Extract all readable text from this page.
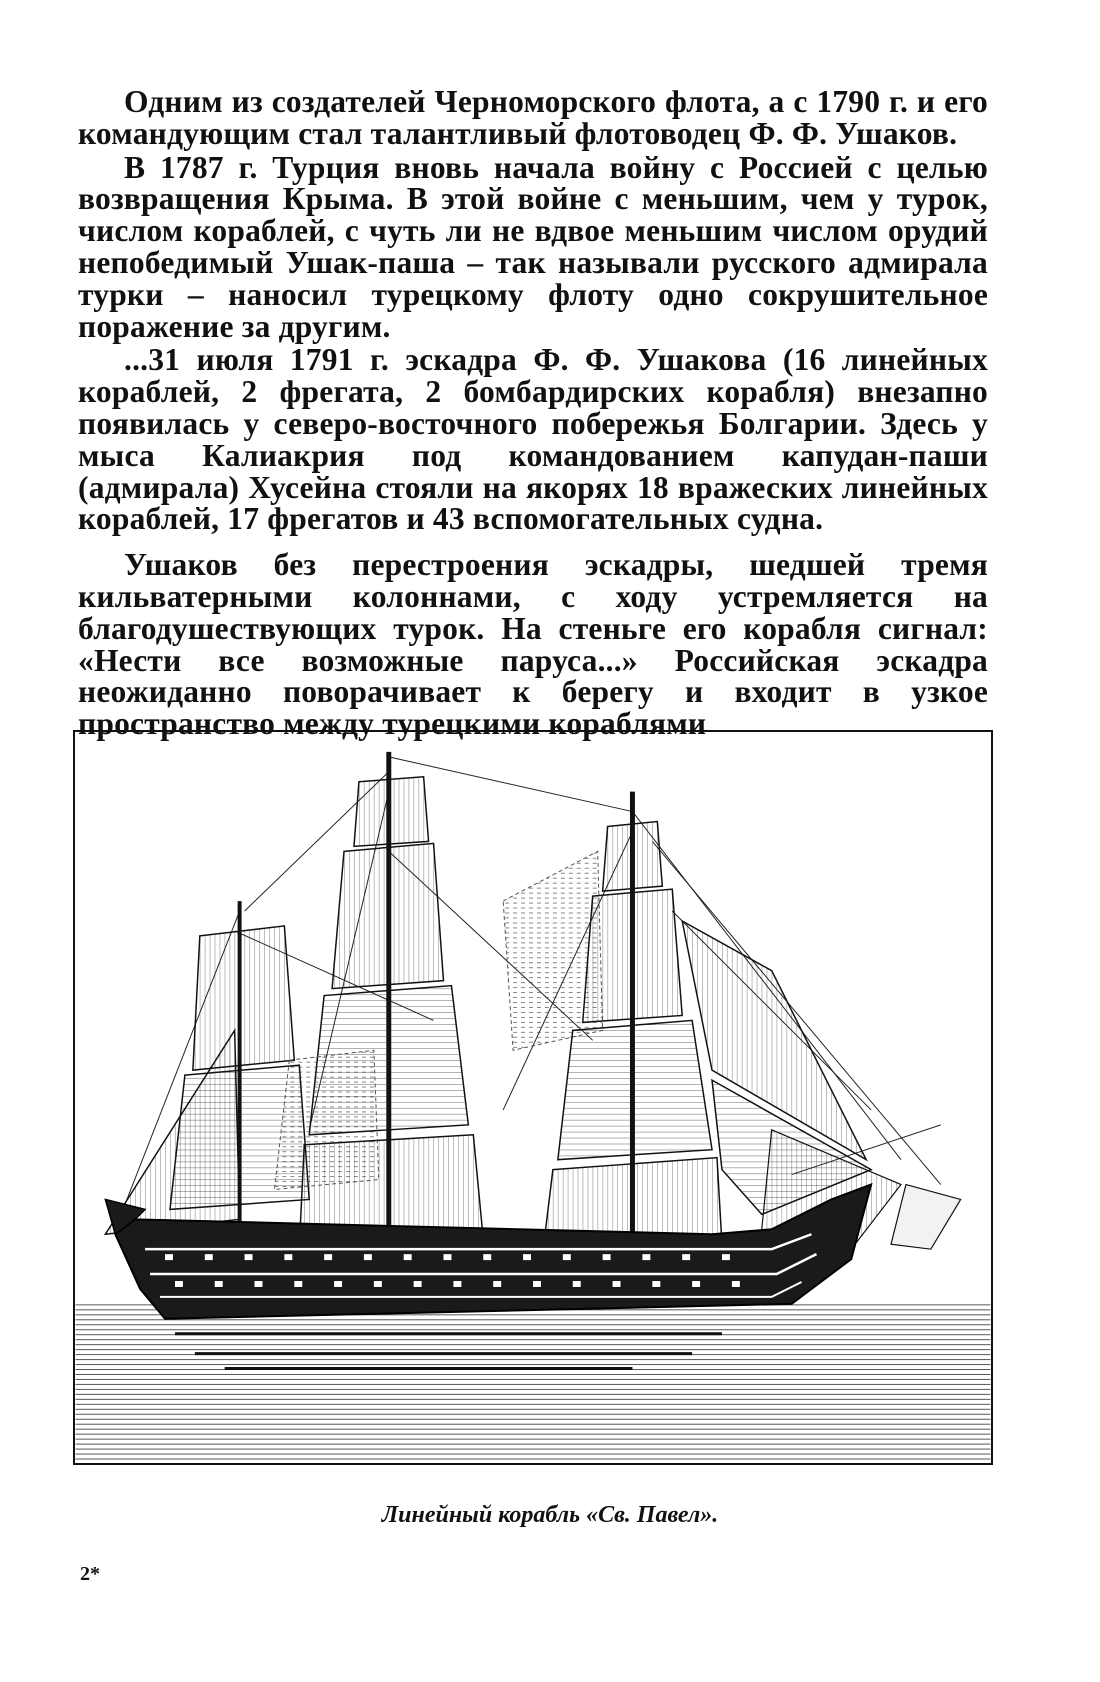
Одним из создателей Черноморского флота, а с 1790 г. и его командующим стал талантливый флотоводец Ф. Ф. Ушаков.

В 1787 г. Турция вновь начала войну с Россией с целью возвращения Крыма. В этой войне с меньшим, чем у турок, числом кораблей, с чуть ли не вдвое меньшим числом орудий непобедимый Ушак-паша – так называли русского адмирала турки – наносил турецкому флоту одно сокрушительное поражение за другим.

...31 июля 1791 г. эскадра Ф. Ф. Ушакова (16 линейных кораблей, 2 фрегата, 2 бомбардирских корабля) внезапно появилась у северо-восточного побережья Болгарии. Здесь у мыса Калиакрия под командованием капудан-паши (адмирала) Хусейна стояли на якорях 18 вражеских линейных кораблей, 17 фрегатов и 43 вспомогательных судна.

Ушаков без перестроения эскадры, шедшей тремя кильватерными колоннами, с ходу устремляется на благодушествующих турок. На стеньге его корабля сигнал: «Нести все возможные паруса...» Российская эскадра неожиданно поворачивает к берегу и входит в узкое пространство между турецкими кораблями

Линейный корабль «Св. Павел».
2*
